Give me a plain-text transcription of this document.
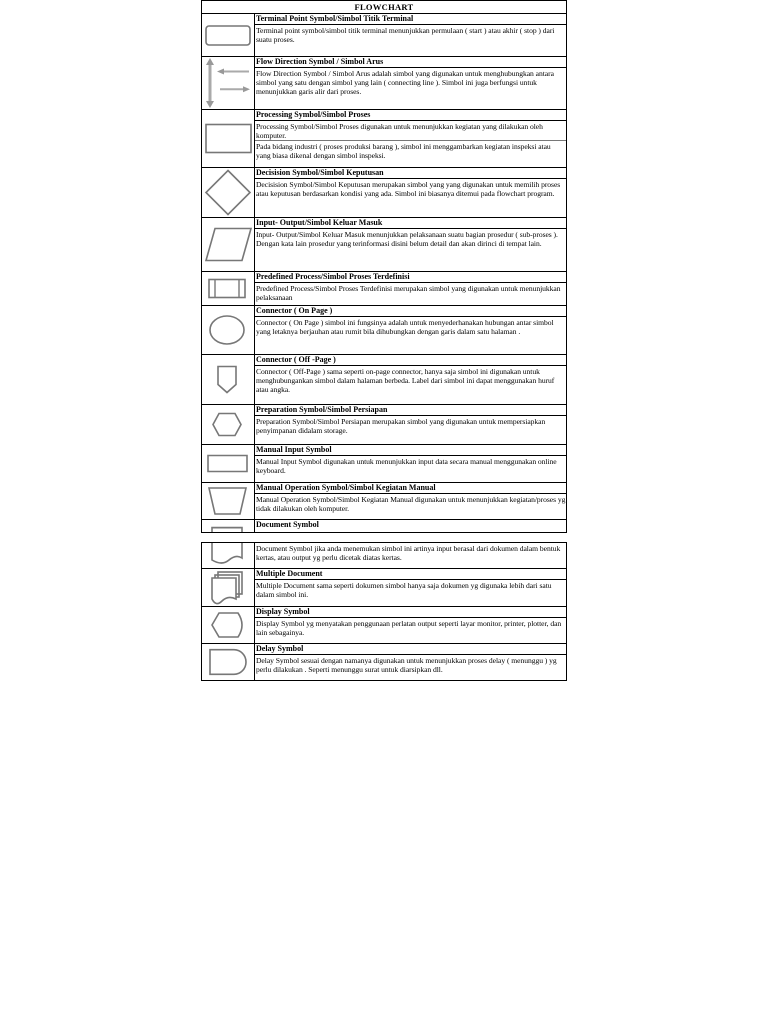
FLOWCHART
Terminal Point Symbol/Simbol Titik Terminal
Terminal point symbol/simbol titik terminal menunjukkan permulaan ( start ) atau akhir ( stop ) dari suatu proses.
Flow Direction Symbol / Simbol Arus
Flow Direction Symbol / Simbol Arus adalah simbol yang digunakan untuk menghubungkan antara simbol yang satu dengan simbol yang lain ( connecting line ). Simbol ini juga berfungsi untuk menunjukkan garis alir dari proses.
Processing Symbol/Simbol Proses
Processing Symbol/Simbol Proses digunakan untuk menunjukkan kegiatan yang dilakukan oleh komputer.
Pada bidang industri ( proses produksi barang ), simbol ini menggambarkan kegiatan inspeksi atau yang biasa dikenal dengan simbol inspeksi.
Decisision Symbol/Simbol Keputusan
Decisision Symbol/Simbol Keputusan merupakan simbol yang yang digunakan untuk memilih proses atau keputusan berdasarkan kondisi yang ada. Simbol ini biasanya ditemui pada flowchart program.
Input- Output/Simbol Keluar Masuk
Input- Output/Simbol Keluar Masuk menunjukkan pelaksanaan suatu bagian prosedur ( sub-proses ). Dengan kata lain prosedur yang terinformasi disini belum detail dan akan dirinci di tempat lain.
Predefined Process/Simbol Proses Terdefinisi
Predefined Process/Simbol Proses Terdefinisi merupakan simbol yang digunakan untuk menunjukkan pelaksanaan
Connector ( On Page )
Connector ( On Page ) simbol ini fungsinya adalah untuk menyederhanakan hubungan antar simbol yang letaknya berjauhan atau rumit bila dihubungkan dengan garis dalam satu halaman .
Connector ( Off -Page )
Connector ( Off-Page ) sama seperti on-page connector, hanya saja simbol ini digunakan untuk menghubungankan simbol dalam halaman berbeda. Label dari simbol ini dapat menggunakan huruf atau angka.
Preparation Symbol/Simbol Persiapan
Preparation Symbol/Simbol Persiapan merupakan simbol yang digunakan untuk mempersiapkan penyimpanan didalam storage.
Manual Input Symbol
Manual Input Symbol digunakan untuk menunjukkan input data secara manual menggunakan online keyboard.
Manual Operation Symbol/Simbol Kegiatan Manual
Manual Operation Symbol/Simbol Kegiatan Manual digunakan untuk menunjukkan kegiatan/proses yg tidak dilakukan oleh komputer.
Document Symbol
Document Symbol jika anda menemukan simbol ini artinya input berasal dari dokumen dalam bentuk kertas, atau output yg perlu dicetak diatas kertas.
Multiple Document
Multiple Document sama seperti dokumen simbol hanya saja dokumen yg digunaka lebih dari satu dalam simbol ini.
Display Symbol
Display Symbol yg menyatakan penggunaan perlatan output seperti layar monitor, printer, plotter, dan lain sebagainya.
Delay Symbol
Delay Symbol sesuai dengan namanya digunakan untuk menunjukkan proses delay ( menunggu ) yg perlu dilakukan . Seperti menunggu surat untuk diarsipkan dll.
